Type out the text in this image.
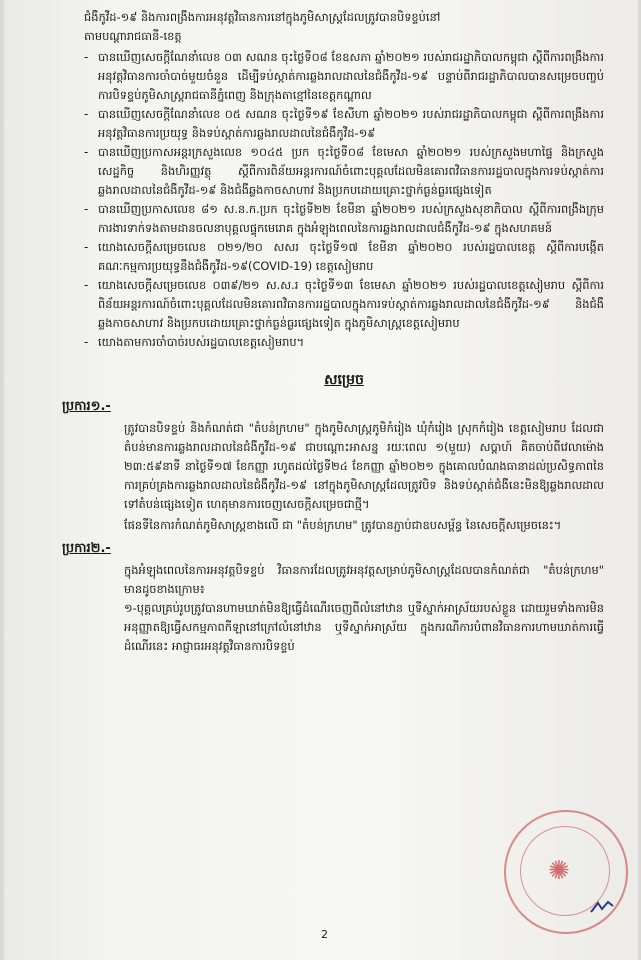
ជំងឺកូវីដ-១៩ និងការពង្រឹងការអនុវត្តវិធានការនៅក្នុងភូមិសាស្ត្រដែលត្រូវបានបិទខ្ទប់នៅ

តាមបណ្តារាជធានី-ខេត្ត

- បានឃើញសេចក្តីណែនាំលេខ ០៣ សណន ចុះថ្ងៃទី០៨ ខែឧសភា ឆ្នាំ២០២១ របស់រាជរដ្ឋាភិបាលកម្ពុជា ស្តីពីការពង្រឹងការអនុវត្តវិធានការចាំបាច់មួយចំនួន ដើម្បីទប់ស្កាត់ការឆ្លងរាលដាលនៃជំងឺកូវីដ-១៩ បន្ទាប់ពីរាជរដ្ឋាភិបាលបានសម្រេចបញ្ចប់ការបិទខ្ទប់ភូមិសាស្ត្ររាជធានីភ្នំពេញ និងក្រុងតាខ្មៅនៃខេត្តកណ្តាល
- បានឃើញសេចក្តីណែនាំលេខ ០៥ សណន ចុះថ្ងៃទី១៩ ខែសីហា ឆ្នាំ២០២១ របស់រាជរដ្ឋាភិបាលកម្ពុជា ស្តីពីការពង្រឹងការអនុវត្តវិធានការប្រយុទ្ធ និងទប់ស្កាត់ការឆ្លងរាលដាលនៃជំងឺកូវីដ-១៩
- បានឃើញប្រកាសអន្តរក្រសួងលេខ ១០៤៥ ប្រក ចុះថ្ងៃទី០៨ ខែមេសា ឆ្នាំ២០២១ របស់ក្រសួងមហាផ្ទៃ និងក្រសួងសេដ្ឋកិច្ច និងហិរញ្ញវត្ថុ ស្តីពីការពិន័យអន្តរការណ៍ចំពោះបុគ្គលដែលមិនគោរពវិធានការរដ្ឋបាលក្នុងការទប់ស្កាត់ការឆ្លងរាលដាលនៃជំងឺកូវីដ-១៩ និងជំងឺឆ្លងកាចសាហាវ និងប្រកបដោយគ្រោះថ្នាក់ធ្ងន់ធ្ងរផ្សេងទៀត
- បានឃើញប្រកាសលេខ ៨១ ស.ន.ក.ប្រក ចុះថ្ងៃទី២២ ខែមីនា ឆ្នាំ២០២១ របស់ក្រសួងសុខាភិបាល ស្តីពីការពង្រឹងក្រុមការងារទាក់ទងតាមដានចលនាបុគ្គលផ្ទុកមេរោគ ក្នុងអំឡុងពេលនៃការឆ្លងរាលដាលជំងឺកូវីដ-១៩ ក្នុងសហគមន៍
- យោងសេចក្តីសម្រេចលេខ ០២១/២០ សសរ ចុះថ្ងៃទី១៧ ខែមីនា ឆ្នាំ២០២០ របស់រដ្ឋបាលខេត្ត ស្តីពីការបង្កើតគណៈកម្មការប្រយុទ្ធនឹងជំងឺកូវីដ-១៩(COVID-19) ខេត្តសៀមរាប
- យោងសេចក្តីសម្រេចលេខ ០៣៩/២១ ស.ស.រ ចុះថ្ងៃទី១៣ ខែមេសា ឆ្នាំ២០២១ របស់រដ្ឋបាលខេត្តសៀមរាប ស្តីពីការពិន័យអន្តរការណ៍ចំពោះបុគ្គលដែលមិនគោរពវិធានការរដ្ឋបាលក្នុងការទប់ស្កាត់ការឆ្លងរាលដាលនៃជំងឺកូវីដ-១៩ និងជំងឺឆ្លងកាចសាហាវ និងប្រកបដោយគ្រោះថ្នាក់ធ្ងន់ធ្ងរផ្សេងទៀត ក្នុងភូមិសាស្ត្រខេត្តសៀមរាប
- យោងតាមការចាំបាច់របស់រដ្ឋបាលខេត្តសៀមរាប។
សម្រេច
ប្រការ១.-

ត្រូវបានបិទខ្ទប់ និងកំណត់ជា "តំបន់ក្រហម" ក្នុងភូមិសាស្ត្រភូមិកំរៀង ឃុំកំរៀង ស្រុកកំរៀង ខេត្តសៀមរាប ដែលជាតំបន់មានការឆ្លងរាលដាលនៃជំងឺកូវីដ-១៩ ជាបណ្តោះអាសន្ន រយៈពេល ១(មួយ) សប្តាហ៍ គិតចាប់ពីវេលាម៉ោង ២៣:៥៩នាទី នាថ្ងៃទី១៧ ខែកញ្ញា រហូតដល់ថ្ងៃទី២៤ ខែកញ្ញា ឆ្នាំ២០២១ ក្នុងគោលបំណងធានាដល់ប្រសិទ្ធភាពនៃការគ្រប់គ្រងការឆ្លងរាលដាលនៃជំងឺកូវីដ-១៩ នៅក្នុងភូមិសាស្ត្រដែលត្រូវបិទ និងទប់ស្កាត់ជំងឺនេះមិនឱ្យឆ្លងរាលដាលទៅតំបន់ផ្សេងទៀត ហេតុមានការចេញសេចក្តីសម្រេចជាថ្មី។

ផែនទីនៃការកំណត់ភូមិសាស្ត្រខាងលើ ជា "តំបន់ក្រហម" ត្រូវបានភ្ជាប់ជាឧបសម្ព័ន្ធ នៃសេចក្តីសម្រេចនេះ។

ប្រការ២.-

ក្នុងអំឡុងពេលនៃការអនុវត្តបិទខ្ទប់ វិធានការដែលត្រូវអនុវត្តសម្រាប់ភូមិសាស្ត្រដែលបានកំណត់ជា "តំបន់ក្រហម" មានដូចខាងក្រោម៖

១-បុគ្គលគ្រប់រូបត្រូវបានហាមឃាត់មិនឱ្យធ្វើដំណើរចេញពីលំនៅឋាន ឬទីស្នាក់អាស្រ័យរបស់ខ្លួន ដោយរួមទាំងការមិនអនុញ្ញាតឱ្យធ្វើសកម្មភាពកីឡានៅក្រៅលំនៅឋាន ឬទីស្នាក់អាស្រ័យ ក្នុងករណីការបំពានវិធានការហាមឃាត់ការធ្វើដំណើរនេះ អាជ្ញាធរអនុវត្តវិធានការបិទខ្ទប់

✺
2
